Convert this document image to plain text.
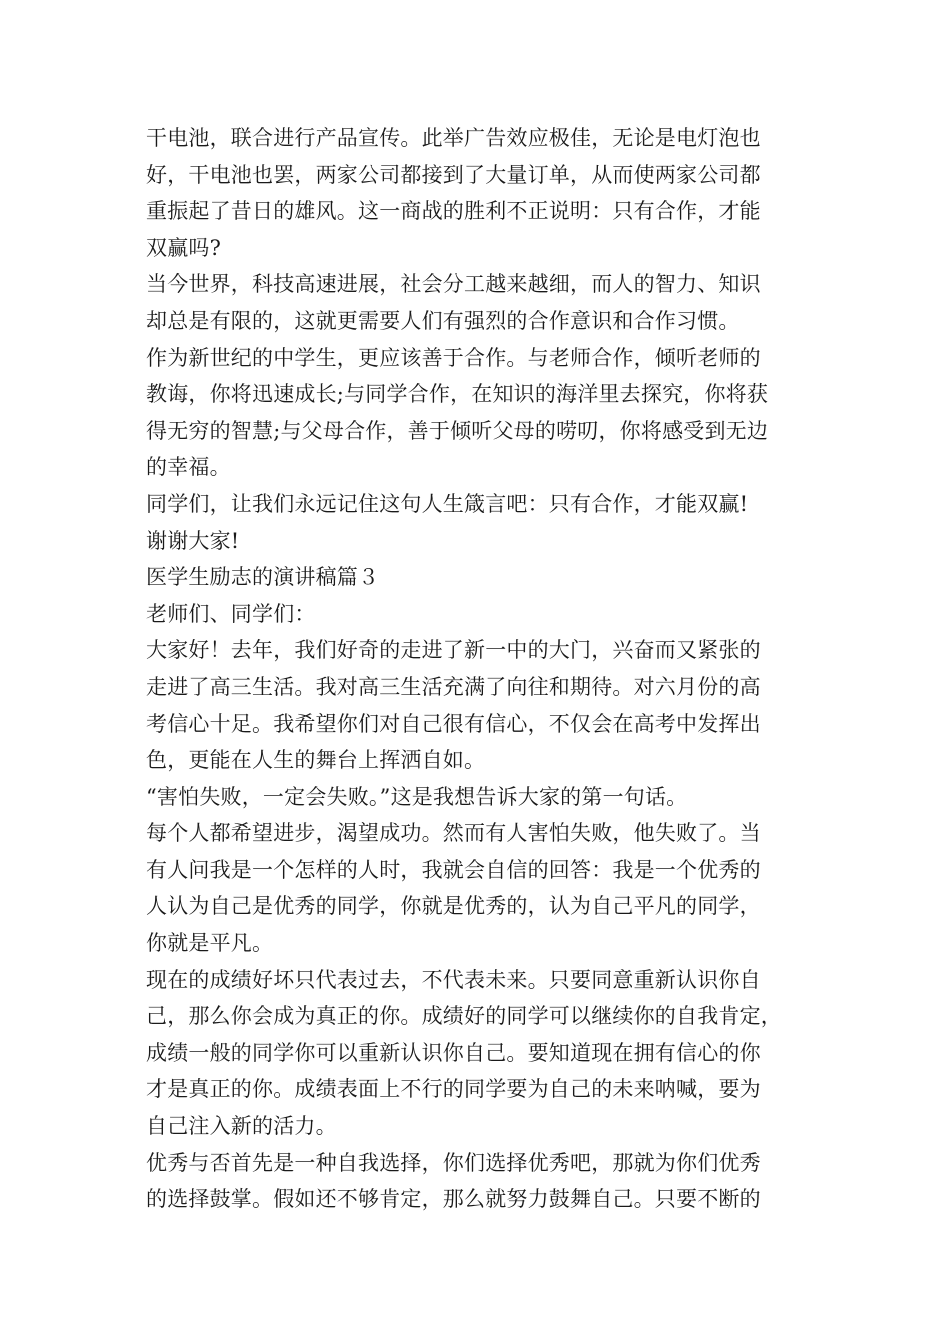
干电池，联合进行产品宣传。此举广告效应极佳，无论是电灯泡也
好，干电池也罢，两家公司都接到了大量订单，从而使两家公司都
重振起了昔日的雄风。这一商战的胜利不正说明：只有合作，才能
双赢吗?
当今世界，科技高速进展，社会分工越来越细，而人的智力、知识
却总是有限的，这就更需要人们有强烈的合作意识和合作习惯。
作为新世纪的中学生，更应该善于合作。与老师合作，倾听老师的
教诲，你将迅速成长;与同学合作，在知识的海洋里去探究，你将获
得无穷的智慧;与父母合作，善于倾听父母的唠叨，你将感受到无边
的幸福。
同学们，让我们永远记住这句人生箴言吧：只有合作，才能双赢!
谢谢大家!
医学生励志的演讲稿篇３
老师们、同学们：
大家好！去年，我们好奇的走进了新一中的大门，兴奋而又紧张的
走进了高三生活。我对高三生活充满了向往和期待。对六月份的高
考信心十足。我希望你们对自己很有信心，不仅会在高考中发挥出
色，更能在人生的舞台上挥洒自如。
“害怕失败，一定会失败。”这是我想告诉大家的第一句话。
每个人都希望进步，渴望成功。然而有人害怕失败，他失败了。当
有人问我是一个怎样的人时，我就会自信的回答：我是一个优秀的
人认为自己是优秀的同学，你就是优秀的，认为自己平凡的同学，
你就是平凡。
现在的成绩好坏只代表过去，不代表未来。只要同意重新认识你自
己，那么你会成为真正的你。成绩好的同学可以继续你的自我肯定，
成绩一般的同学你可以重新认识你自己。要知道现在拥有信心的你
才是真正的你。成绩表面上不行的同学要为自己的未来呐喊，要为
自己注入新的活力。
优秀与否首先是一种自我选择，你们选择优秀吧，那就为你们优秀
的选择鼓掌。假如还不够肯定，那么就努力鼓舞自己。只要不断的
